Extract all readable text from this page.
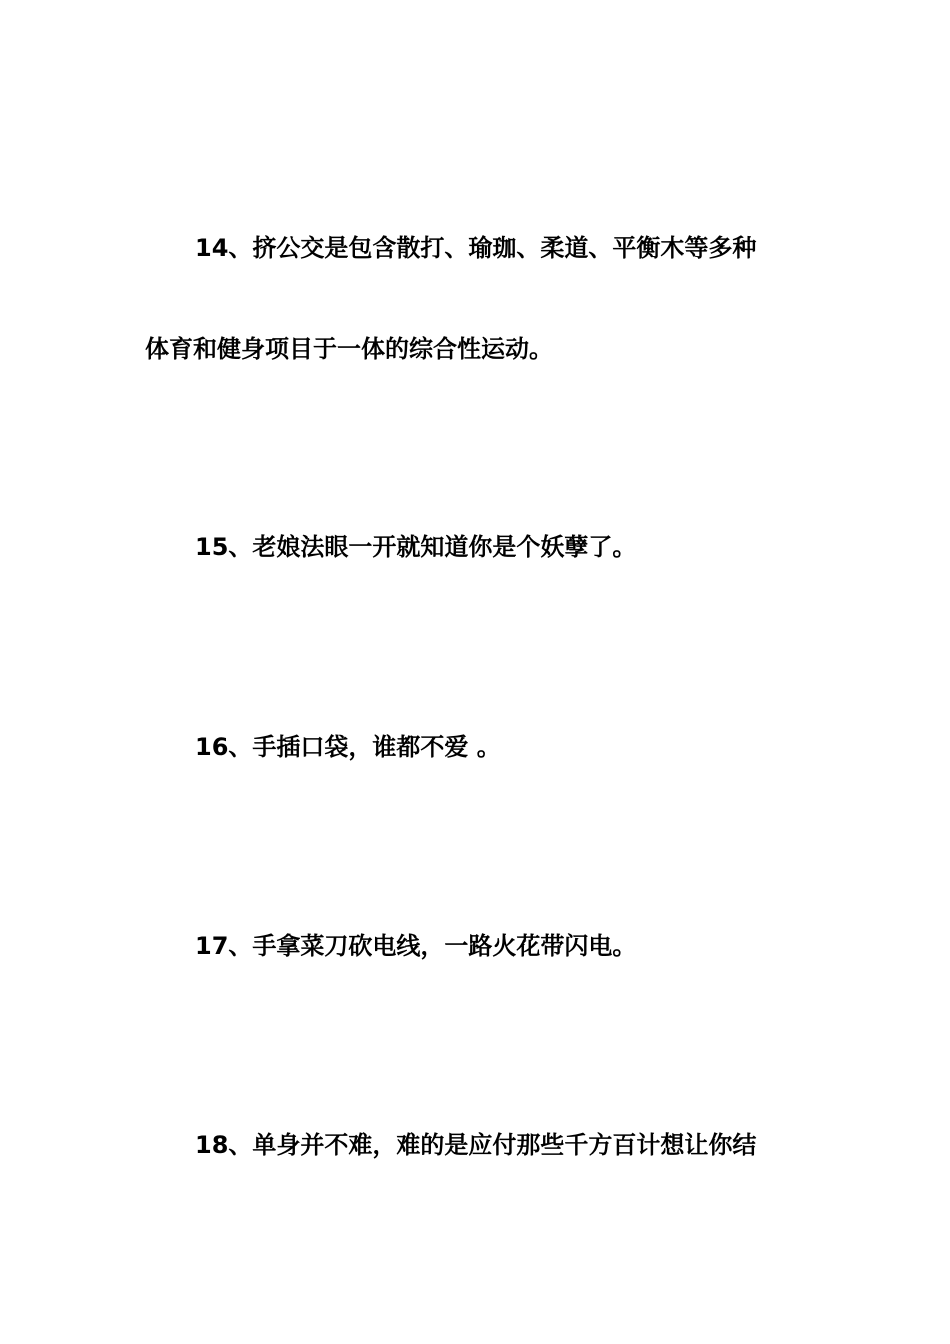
14、挤公交是包含散打、瑜珈、柔道、平衡木等多种
体育和健身项目于一体的综合性运动。
15、老娘法眼一开就知道你是个妖孽了。
16、手插口袋，谁都不爱 。
17、手拿菜刀砍电线，一路火花带闪电。
18、单身并不难，难的是应付那些千方百计想让你结
